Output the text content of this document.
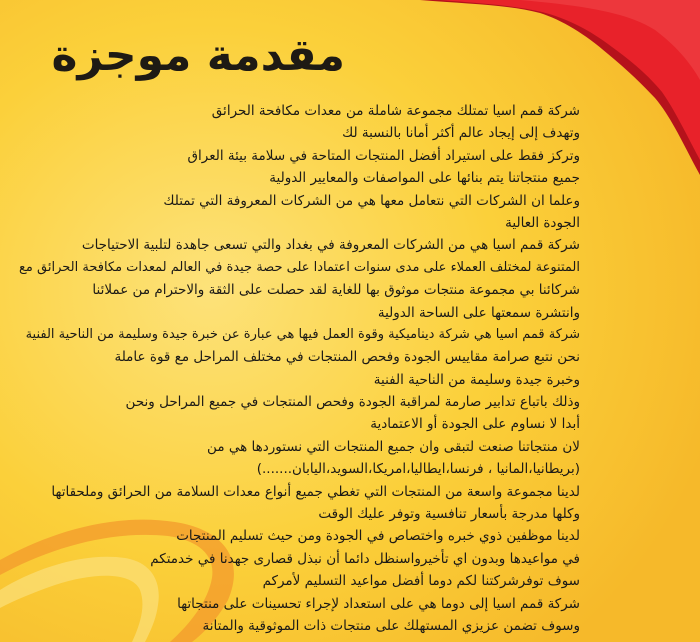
مقدمة موجزة
شركة قمم اسيا تمتلك مجموعة شاملة من معدات مكافحة الحرائق
وتهدف إلى إيجاد عالم أكثر أمانا بالنسبة لك
وتركز فقط على استيراد أفضل المنتجات المتاحة في سلامة بيئة العراق
جميع منتجاتنا يتم بنائها على المواصفات والمعايير الدولية
وعلما ان الشركات التي نتعامل معها هي من الشركات المعروفة التي تمتلك
الجودة العالية
شركة قمم اسيا هي من الشركات المعروفة في بغداد والتي تسعى جاهدة لتلبية الاحتياجات
المتنوعة لمختلف العملاء على مدى سنوات اعتمادا على حصة جيدة في العالم لمعدات مكافحة الحرائق مع
شركائنا بي مجموعة منتجات موثوق بها للغاية لقد حصلت على الثقة والاحترام من عملائنا
وانتشرة سمعتها على الساحة الدولية
شركة قمم اسيا هي شركة ديناميكية وقوة العمل فيها هي عبارة عن خبرة جيدة وسليمة من الناحية الفنية
نحن نتبع صرامة مقاييس الجودة وفحص المنتجات في مختلف المراحل مع قوة عاملة
وخبرة جيدة وسليمة من الناحية الفنية
وذلك باتباع تدابير صارمة لمراقبة الجودة وفحص المنتجات في جميع المراحل ونحن
أبدا لا نساوم على الجودة أو الاعتمادية
لان منتجاتنا صنعت لتبقى وان جميع المنتجات التي نستوردها هي من
(بريطانيا،المانيا ، فرنسا،ايطاليا،امريكا،السويد،اليابان.......)
لدينا مجموعة واسعة من المنتجات التي تغطي جميع أنواع معدات السلامة من الحرائق وملحقاتها
وكلها مدرجة بأسعار تنافسية وتوفر عليك الوقت
لدينا موظفين ذوي خبره واختصاص في الجودة ومن حيث تسليم المنتجات
في مواعيدها وبدون اي تأخيرواسنظل دائما أن نبذل قصارى جهدنا في خدمتكم
سوف توفرشركتنا لكم دوما أفضل مواعيد التسليم لأمركم
شركة قمم اسيا إلى دوما هي على استعداد لإجراء تحسينات على منتجاتها
وسوف تضمن عزيزي المستهلك على منتجات ذات الموثوقية والمتانة
